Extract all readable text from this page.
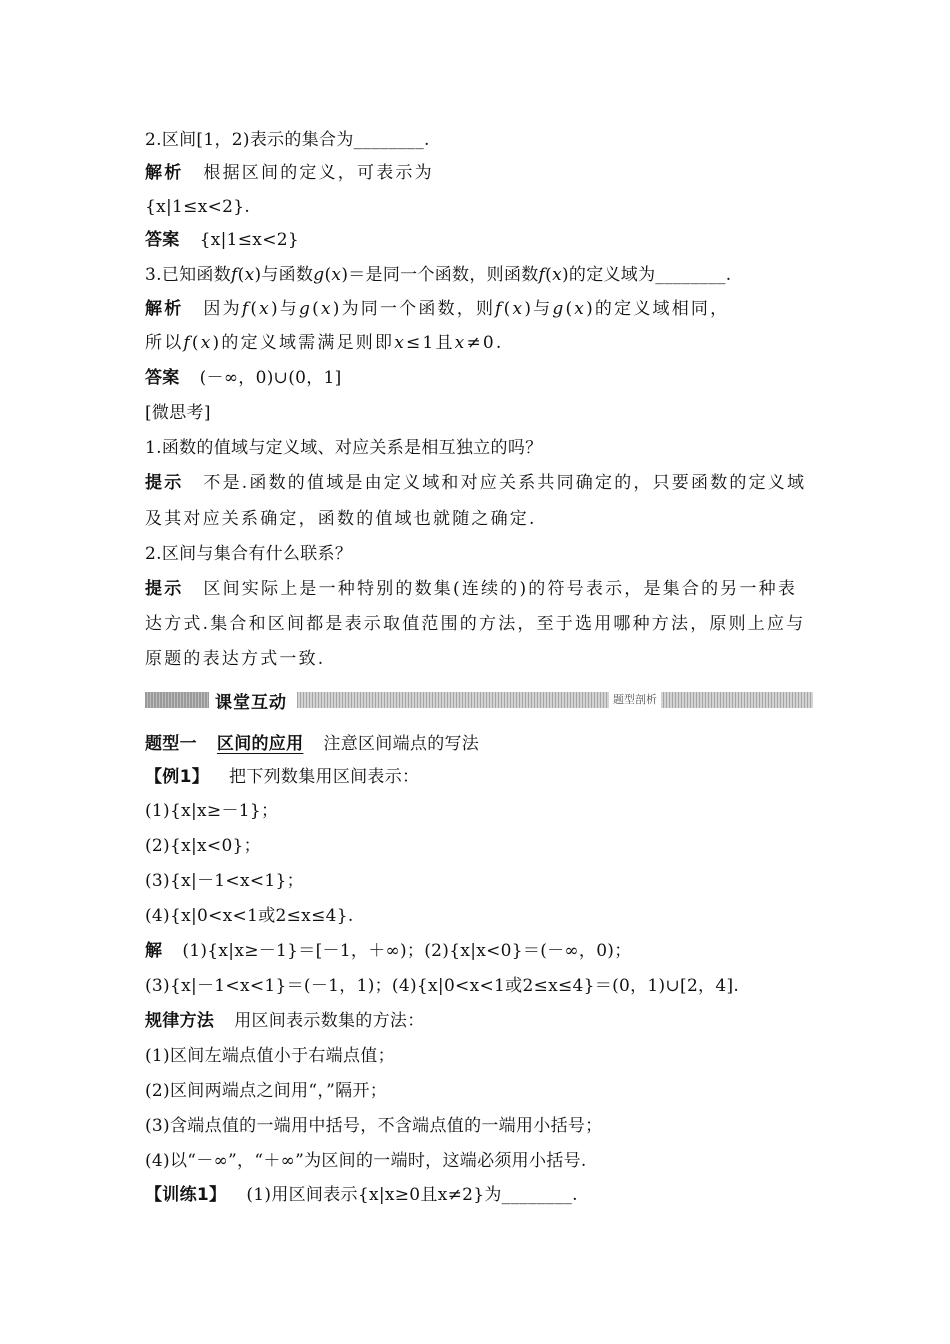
2.区间[1，2)表示的集合为________.
解析 根据区间的定义，可表示为
{x|1≤x<2}.
答案 {x|1≤x<2}
3.已知函数f(x)与函数g(x)＝是同一个函数，则函数f(x)的定义域为________.
解析 因为f(x)与g(x)为同一个函数，则f(x)与g(x)的定义域相同，
所以f(x)的定义域需满足则即x≤1且x≠0.
答案 (－∞，0)∪(0，1]
[微思考]
1.函数的值域与定义域、对应关系是相互独立的吗？
提示 不是.函数的值域是由定义域和对应关系共同确定的，只要函数的定义域
及其对应关系确定，函数的值域也就随之确定.
2.区间与集合有什么联系？
提示 区间实际上是一种特别的数集(连续的)的符号表示，是集合的另一种表
达方式.集合和区间都是表示取值范围的方法，至于选用哪种方法，原则上应与
原题的表达方式一致.
课堂互动	题型剖析
题型一 区间的应用 注意区间端点的写法
【例1】 把下列数集用区间表示：
(1){x|x≥－1}；
(2){x|x<0}；
(3){x|－1<x<1}；
(4){x|0<x<1或2≤x≤4}.
解 (1){x|x≥－1}＝[－1，＋∞)；(2){x|x<0}＝(－∞，0)；
(3){x|－1<x<1}＝(－1，1)；(4){x|0<x<1或2≤x≤4}＝(0，1)∪[2，4].
规律方法 用区间表示数集的方法：
(1)区间左端点值小于右端点值；
(2)区间两端点之间用“，”隔开；
(3)含端点值的一端用中括号，不含端点值的一端用小括号；
(4)以“－∞”，“＋∞”为区间的一端时，这端必须用小括号.
【训练1】 (1)用区间表示{x|x≥0且x≠2}为________.
